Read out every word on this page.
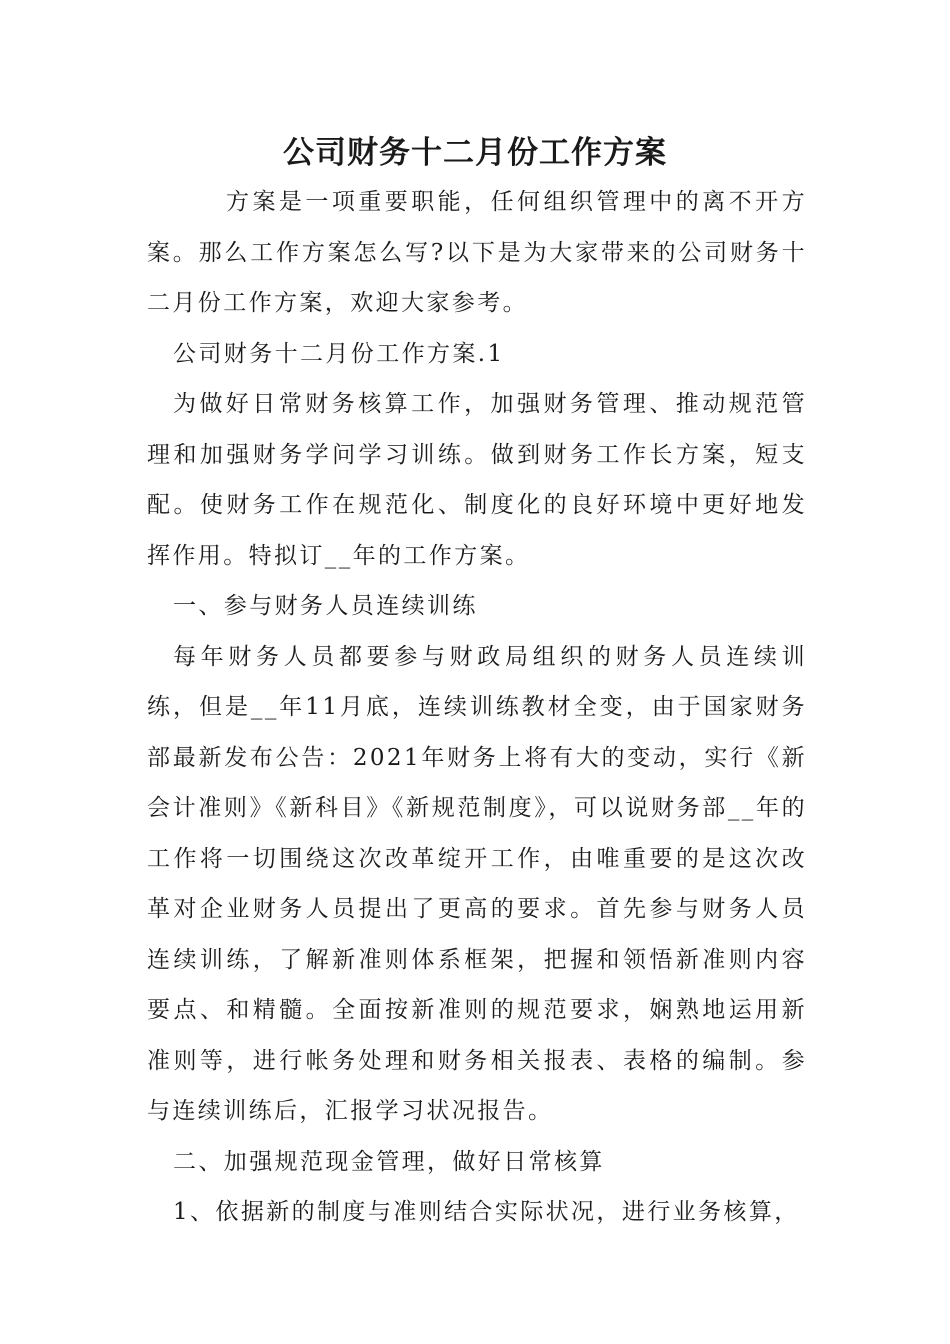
公司财务十二月份工作方案

方案是一项重要职能，任何组织管理中的离不开方案。那么工作方案怎么写?以下是为大家带来的公司财务十二月份工作方案，欢迎大家参考。

公司财务十二月份工作方案.1

为做好日常财务核算工作，加强财务管理、推动规范管理和加强财务学问学习训练。做到财务工作长方案，短支配。使财务工作在规范化、制度化的良好环境中更好地发挥作用。特拟订__年的工作方案。

一、参与财务人员连续训练

每年财务人员都要参与财政局组织的财务人员连续训练，但是__年11月底，连续训练教材全变，由于国家财务部最新发布公告：2021年财务上将有大的变动，实行《新会计准则》《新科目》《新规范制度》，可以说财务部__年的工作将一切围绕这次改革绽开工作，由唯重要的是这次改革对企业财务人员提出了更高的要求。首先参与财务人员连续训练，了解新准则体系框架，把握和领悟新准则内容要点、和精髓。全面按新准则的规范要求，娴熟地运用新准则等，进行帐务处理和财务相关报表、表格的编制。参与连续训练后，汇报学习状况报告。

二、加强规范现金管理，做好日常核算

1、依据新的制度与准则结合实际状况，进行业务核算，
